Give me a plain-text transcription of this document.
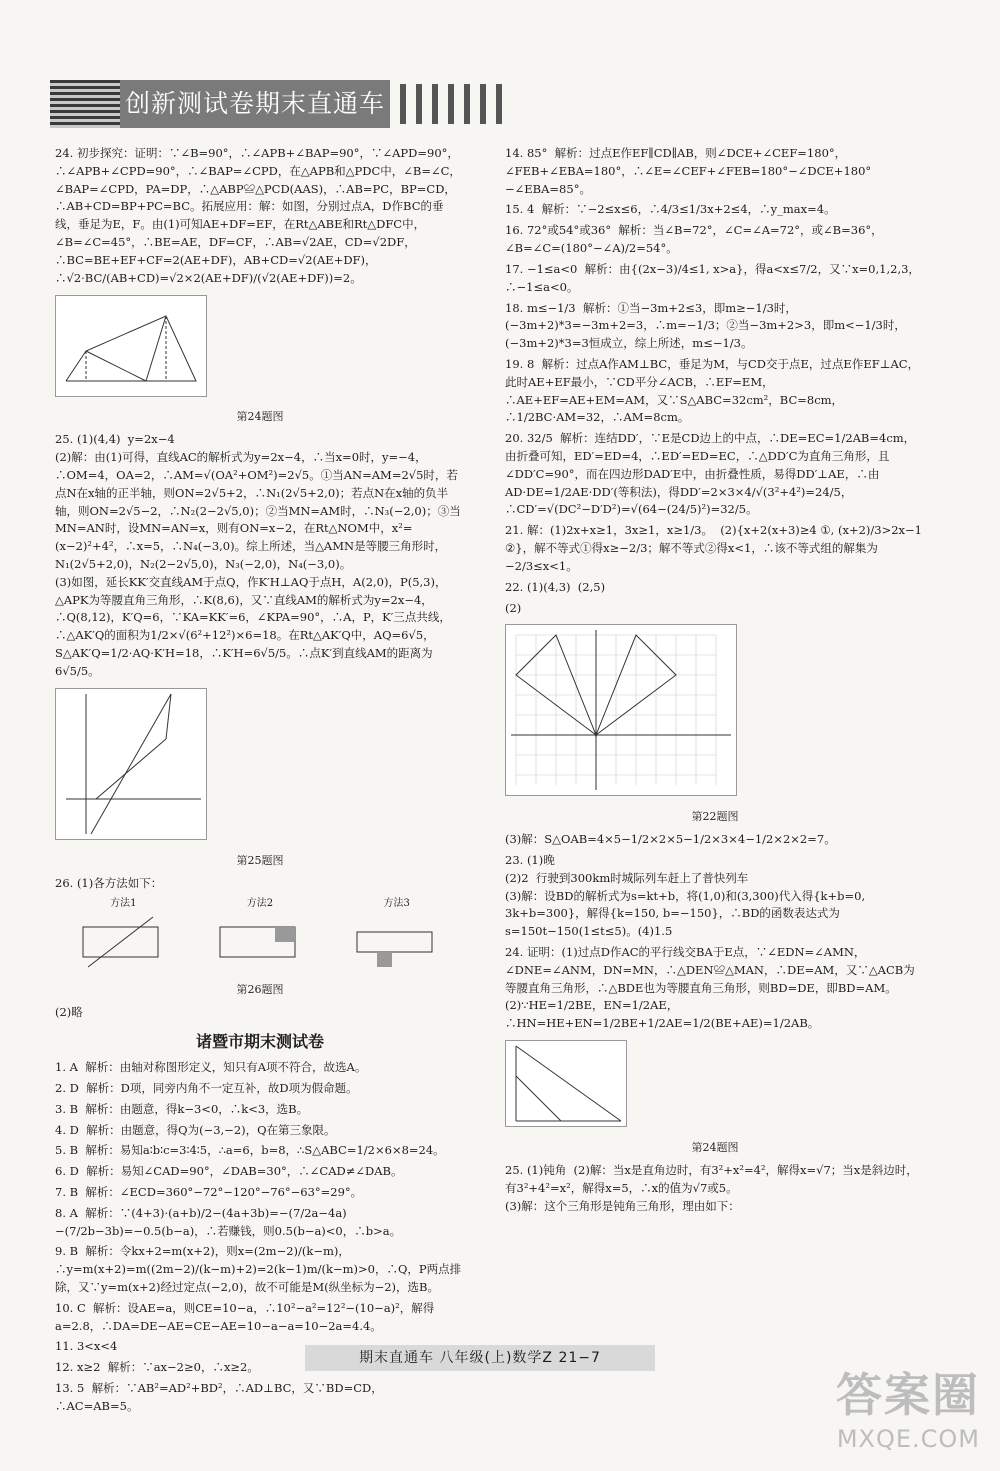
创新测试卷期末直通车
24. 初步探究：证明：∵∠B=90°，∴∠APB+∠BAP=90°，∵∠APD=90°，∴∠APB+∠CPD=90°，∴∠BAP=∠CPD，在△APB和△PDC中，∠B=∠C，∠BAP=∠CPD，PA=DP，∴△ABP≌△PCD(AAS)，∴AB=PC，BP=CD，∴AB+CD=BP+PC=BC。拓展应用：解：如图，分别过点A，D作BC的垂线，垂足为E，F。由(1)可知AE+DF=EF，在Rt△ABE和Rt△DFC中，∠B=∠C=45°，∴BE=AE，DF=CF，∴AB=√2AE，CD=√2DF，∴BC=BE+EF+CF=2(AE+DF)，AB+CD=√2(AE+DF)，∴√2·BC/(AB+CD)=√2×2(AE+DF)/(√2(AE+DF))=2。
第24题图
25. (1)(4,4)  y=2x−4
(2)解：由(1)可得，直线AC的解析式为y=2x−4，∴当x=0时，y=−4，∴OM=4，OA=2，∴AM=√(OA²+OM²)=2√5。①当AN=AM=2√5时，若点N在x轴的正半轴，则ON=2√5+2，∴N₁(2√5+2,0)；若点N在x轴的负半轴，则ON=2√5−2，∴N₂(2−2√5,0)；②当MN=AM时，∴N₃(−2,0)；③当MN=AN时，设MN=AN=x，则有ON=x−2，在Rt△NOM中，x²=(x−2)²+4²，∴x=5，∴N₄(−3,0)。综上所述，当△AMN是等腰三角形时，N₁(2√5+2,0)，N₂(2−2√5,0)，N₃(−2,0)，N₄(−3,0)。
(3)如图，延长KK′交直线AM于点Q，作K′H⊥AQ于点H，A(2,0)，P(5,3)，△APK为等腰直角三角形，∴K(8,6)，又∵直线AM的解析式为y=2x−4，∴Q(8,12)，K′Q=6，∵KA=KK′=6，∠KPA=90°，∴A，P，K′三点共线，∴△AK′Q的面积为1/2×√(6²+12²)×6=18。在Rt△AK′Q中，AQ=6√5，S△AK′Q=1/2·AQ·K′H=18，∴K′H=6√5/5。∴点K′到直线AM的距离为6√5/5。
第25题图
26. (1)各方法如下：
方法1	方法2	方法3
第26题图
(2)略
诸暨市期末测试卷
1. A  解析：由轴对称图形定义，知只有A项不符合，故选A。
2. D  解析：D项，同旁内角不一定互补，故D项为假命题。
3. B  解析：由题意，得k−3<0，∴k<3，选B。
4. D  解析：由题意，得Q为(−3,−2)，Q在第三象限。
5. B  解析：易知a∶b∶c=3∶4∶5，∴a=6，b=8，∴S△ABC=1/2×6×8=24。
6. D  解析：易知∠CAD=90°，∠DAB=30°，∴∠CAD≠∠DAB。
7. B  解析：∠ECD=360°−72°−120°−76°−63°=29°。
8. A  解析：∵(4+3)·(a+b)/2−(4a+3b)=−(7/2a−4a)−(7/2b−3b)=−0.5(b−a)，∴若赚钱，则0.5(b−a)<0，∴b>a。
9. B  解析：令kx+2=m(x+2)，则x=(2m−2)/(k−m)，∴y=m(x+2)=m((2m−2)/(k−m)+2)=2(k−1)m/(k−m)>0，∴Q，P两点排除，又∵y=m(x+2)经过定点(−2,0)，故不可能是M(纵坐标为−2)，选B。
10. C  解析：设AE=a，则CE=10−a，∴10²−a²=12²−(10−a)²，解得a=2.8，∴DA=DE−AE=CE−AE=10−a−a=10−2a=4.4。
11. 3<x<4
12. x≥2  解析：∵ax−2≥0，∴x≥2。
13. 5  解析：∵AB²=AD²+BD²，∴AD⊥BC，又∵BD=CD，∴AC=AB=5。
14. 85°  解析：过点E作EF∥CD∥AB，则∠DCE+∠CEF=180°，∠FEB+∠EBA=180°，∴∠E=∠CEF+∠FEB=180°−∠DCE+180°−∠EBA=85°。
15. 4  解析：∵−2≤x≤6，∴4/3≤1/3x+2≤4，∴y_max=4。
16. 72°或54°或36°  解析：当∠B=72°，∠C=∠A=72°，或∠B=36°，∠B=∠C=(180°−∠A)/2=54°。
17. −1≤a<0  解析：由{(2x−3)/4≤1, x>a}，得a<x≤7/2，又∵x=0,1,2,3，∴−1≤a<0。
18. m≤−1/3  解析：①当−3m+2≤3，即m≥−1/3时，(−3m+2)*3=−3m+2=3，∴m=−1/3；②当−3m+2>3，即m<−1/3时，(−3m+2)*3=3恒成立，综上所述，m≤−1/3。
19. 8  解析：过点A作AM⊥BC，垂足为M，与CD交于点E，过点E作EF⊥AC，此时AE+EF最小，∵CD平分∠ACB，∴EF=EM，∴AE+EF=AE+EM=AM，又∵S△ABC=32cm²，BC=8cm，∴1/2BC·AM=32，∴AM=8cm。
20. 32/5  解析：连结DD′，∵E是CD边上的中点，∴DE=EC=1/2AB=4cm，由折叠可知，ED′=ED=4，∴ED′=ED=EC，∴△DD′C为直角三角形，且∠DD′C=90°，而在四边形DAD′E中，由折叠性质，易得DD′⊥AE，∴由AD·DE=1/2AE·DD′(等积法)，得DD′=2×3×4/√(3²+4²)=24/5，∴CD′=√(DC²−D′D²)=√(64−(24/5)²)=32/5。
21. 解：(1)2x+x≥1，3x≥1，x≥1/3。  (2){x+2(x+3)≥4 ①, (x+2)/3>2x−1 ②}，解不等式①得x≥−2/3；解不等式②得x<1，∴该不等式组的解集为−2/3≤x<1。
22. (1)(4,3)  (2,5)
(2)
第22题图
(3)解：S△OAB=4×5−1/2×2×5−1/2×3×4−1/2×2×2=7。
23. (1)晚
(2)2  行驶到300km时城际列车赶上了普快列车
(3)解：设BD的解析式为s=kt+b，将(1,0)和(3,300)代入得{k+b=0, 3k+b=300}，解得{k=150, b=−150}，∴BD的函数表达式为s=150t−150(1≤t≤5)。(4)1.5
24. 证明：(1)过点D作AC的平行线交BA于E点，∵∠EDN=∠AMN，∠DNE=∠ANM，DN=MN，∴△DEN≌△MAN，∴DE=AM，又∵△ACB为等腰直角三角形，∴△BDE也为等腰直角三角形，则BD=DE，即BD=AM。
(2)∵HE=1/2BE，EN=1/2AE，∴HN=HE+EN=1/2BE+1/2AE=1/2(BE+AE)=1/2AB。
第24题图
25. (1)钝角  (2)解：当x是直角边时，有3²+x²=4²，解得x=√7；当x是斜边时，有3²+4²=x²，解得x=5，∴x的值为√7或5。
(3)解：这个三角形是钝角三角形，理由如下：
期末直通车 八年级(上)数学Z 21−7
答案圈
MXQE.COM
